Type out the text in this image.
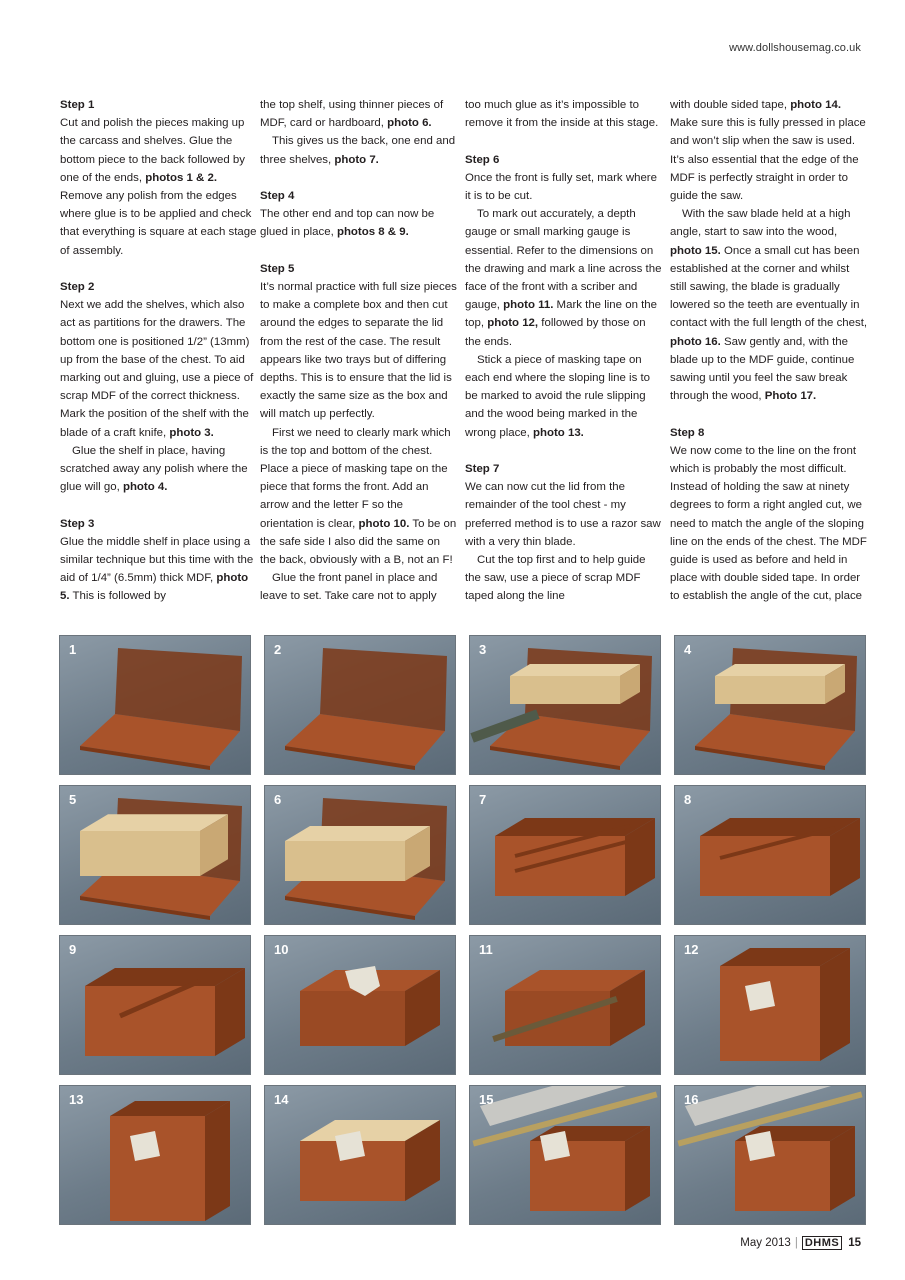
www.dollshousemag.co.uk

Step 1

Cut and polish the pieces making up the carcass and shelves. Glue the bottom piece to the back followed by one of the ends, photos 1 & 2. Remove any polish from the edges where glue is to be applied and check that everything is square at each stage of assembly.

Step 2

Next we add the shelves, which also act as partitions for the drawers. The bottom one is positioned 1/2” (13mm) up from the base of the chest. To aid marking out and gluing, use a piece of scrap MDF of the correct thickness. Mark the position of the shelf with the blade of a craft knife, photo 3.

Glue the shelf in place, having scratched away any polish where the glue will go, photo 4.

Step 3

Glue the middle shelf in place using a similar technique but this time with the aid of 1/4” (6.5mm) thick MDF, photo 5. This is followed by

the top shelf, using thinner pieces of MDF, card or hardboard, photo 6.

This gives us the back, one end and three shelves, photo 7.

Step 4

The other end and top can now be glued in place, photos 8 & 9.

Step 5

It’s normal practice with full size pieces to make a complete box and then cut around the edges to separate the lid from the rest of the case. The result appears like two trays but of differing depths. This is to ensure that the lid is exactly the same size as the box and will match up perfectly.

First we need to clearly mark which is the top and bottom of the chest. Place a piece of masking tape on the piece that forms the front. Add an arrow and the letter F so the orientation is clear, photo 10. To be on the safe side I also did the same on the back, obviously with a B, not an F!

Glue the front panel in place and leave to set. Take care not to apply

too much glue as it’s impossible to remove it from the inside at this stage.

Step 6

Once the front is fully set, mark where it is to be cut.

To mark out accurately, a depth gauge or small marking gauge is essential. Refer to the dimensions on the drawing and mark a line across the face of the front with a scriber and gauge, photo 11. Mark the line on the top, photo 12, followed by those on the ends.

Stick a piece of masking tape on each end where the sloping line is to be marked to avoid the rule slipping and the wood being marked in the wrong place, photo 13.

Step 7

We can now cut the lid from the remainder of the tool chest - my preferred method is to use a razor saw with a very thin blade.

Cut the top first and to help guide the saw, use a piece of scrap MDF taped along the line

with double sided tape, photo 14. Make sure this is fully pressed in place and won’t slip when the saw is used. It’s also essential that the edge of the MDF is perfectly straight in order to guide the saw.

With the saw blade held at a high angle, start to saw into the wood, photo 15. Once a small cut has been established at the corner and whilst still sawing, the blade is gradually lowered so the teeth are eventually in contact with the full length of the chest, photo 16. Saw gently and, with the blade up to the MDF guide, continue sawing until you feel the saw break through the wood, Photo 17.

Step 8

We now come to the line on the front which is probably the most difficult. Instead of holding the saw at ninety degrees to form a right angled cut, we need to match the angle of the sloping line on the ends of the chest. The MDF guide is used as before and held in place with double sided tape. In order to establish the angle of the cut, place

1	2	3	4
5	6	7	8
9	10	11	12
13	14	15	16
May 2013 | DHMS 15
